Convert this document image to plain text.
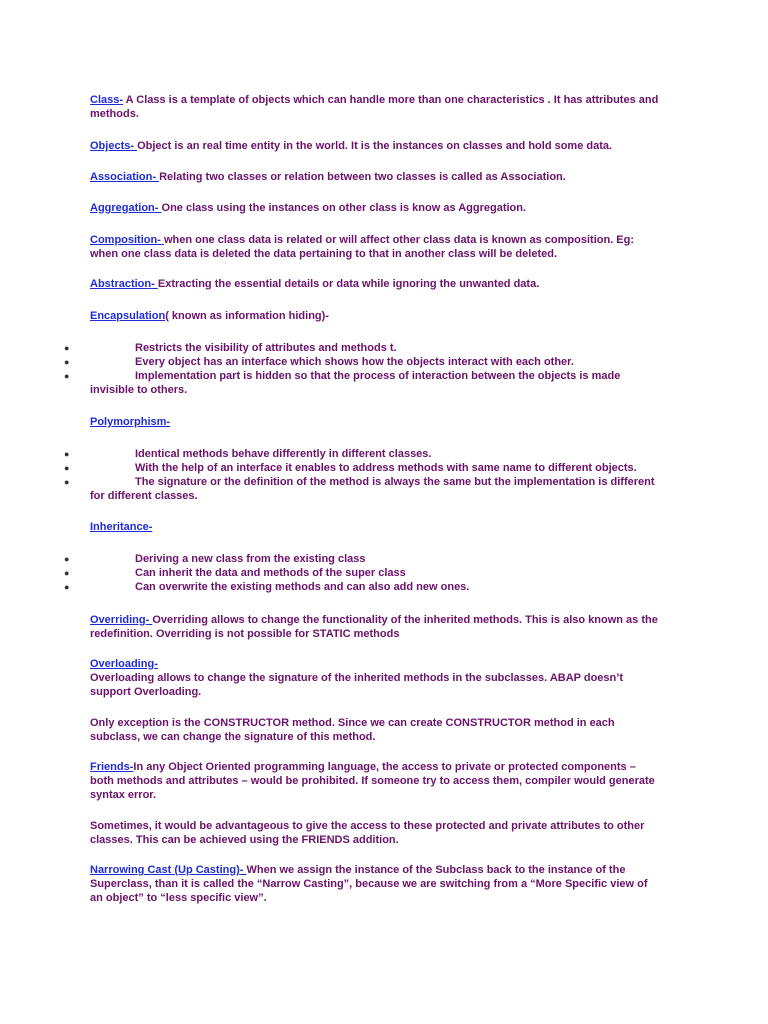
Class- A Class is a template of objects which can handle more than one characteristics . It has attributes and
methods.
Objects- Object is an real time entity in the world. It is the instances on classes and hold some data.
Association- Relating two classes or relation between two classes is called as Association.
Aggregation- One class using the instances on other class is know as Aggregation.
Composition- when one class data is related or will affect other class data is known as composition. Eg:
when one class data is deleted the data pertaining to that in another class will be deleted.
Abstraction- Extracting the essential details or data while ignoring the unwanted data.
Encapsulation( known as information hiding)-
●	Restricts the visibility of attributes and methods t.
●	Every object has an interface which shows how the objects interact with each other.
●	Implementation part is hidden so that the process of interaction between the objects is made
invisible to others.
Polymorphism-
●	Identical methods behave differently in different classes.
●	With the help of an interface it enables to address methods with same name to different objects.
●	The signature or the definition of the method is always the same but the implementation is different
for different classes.
Inheritance-
●	Deriving a new class from the existing class
●	Can inherit the data and methods of the super class
●	Can overwrite the existing methods and can also add new ones.
Overriding- Overriding allows to change the functionality of the inherited methods. This is also known as the
redefinition. Overriding is not possible for STATIC methods
Overloading-
Overloading allows to change the signature of the inherited methods in the subclasses. ABAP doesn’t
support Overloading.
Only exception is the CONSTRUCTOR method. Since we can create CONSTRUCTOR method in each
subclass, we can change the signature of this method.
Friends-In any Object Oriented programming language, the access to private or protected components –
both methods and attributes – would be prohibited. If someone try to access them, compiler would generate
syntax error.
Sometimes, it would be advantageous to give the access to these protected and private attributes to other
classes. This can be achieved using the FRIENDS addition.
Narrowing Cast (Up Casting)- When we assign the instance of the Subclass back to the instance of the
Superclass, than it is called the “Narrow Casting”, because we are switching from a “More Specific view of
an object” to “less specific view”.
